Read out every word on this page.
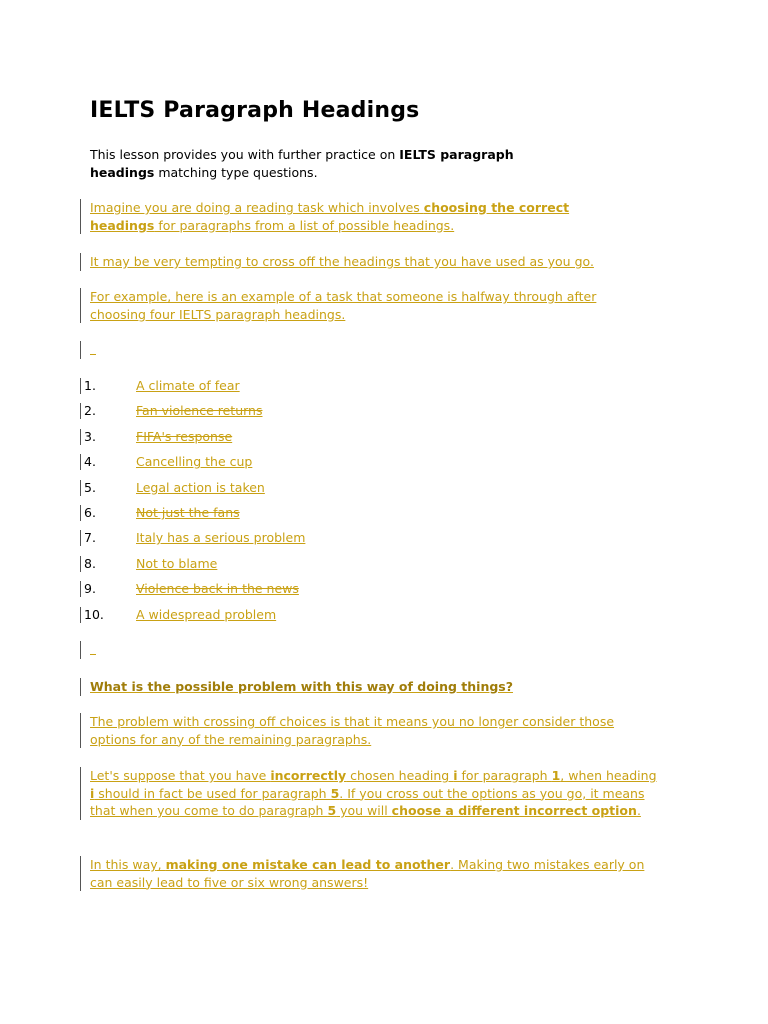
IELTS Paragraph Headings

This lesson provides you with further practice on IELTS paragraph headings matching type questions.

Imagine you are doing a reading task which involves choosing the correct headings for paragraphs from a list of possible headings.
It may be very tempting to cross off the headings that you have used as you go.
For example, here is an example of a task that someone is halfway through after choosing four IELTS paragraph headings.
1.	A climate of fear
2.	Fan violence returns
3.	FIFA's response
4.	Cancelling the cup
5.	Legal action is taken
6.	Not just the fans
7.	Italy has a serious problem
8.	Not to blame
9.	Violence back in the news
10.	A widespread problem
What is the possible problem with this way of doing things?
The problem with crossing off choices is that it means you no longer consider those options for any of the remaining paragraphs.
Let's suppose that you have incorrectly chosen heading i for paragraph 1, when heading i should in fact be used for paragraph 5. If you cross out the options as you go, it means that when you come to do paragraph 5 you will choose a different incorrect option.
In this way, making one mistake can lead to another. Making two mistakes early on can easily lead to five or six wrong answers!
